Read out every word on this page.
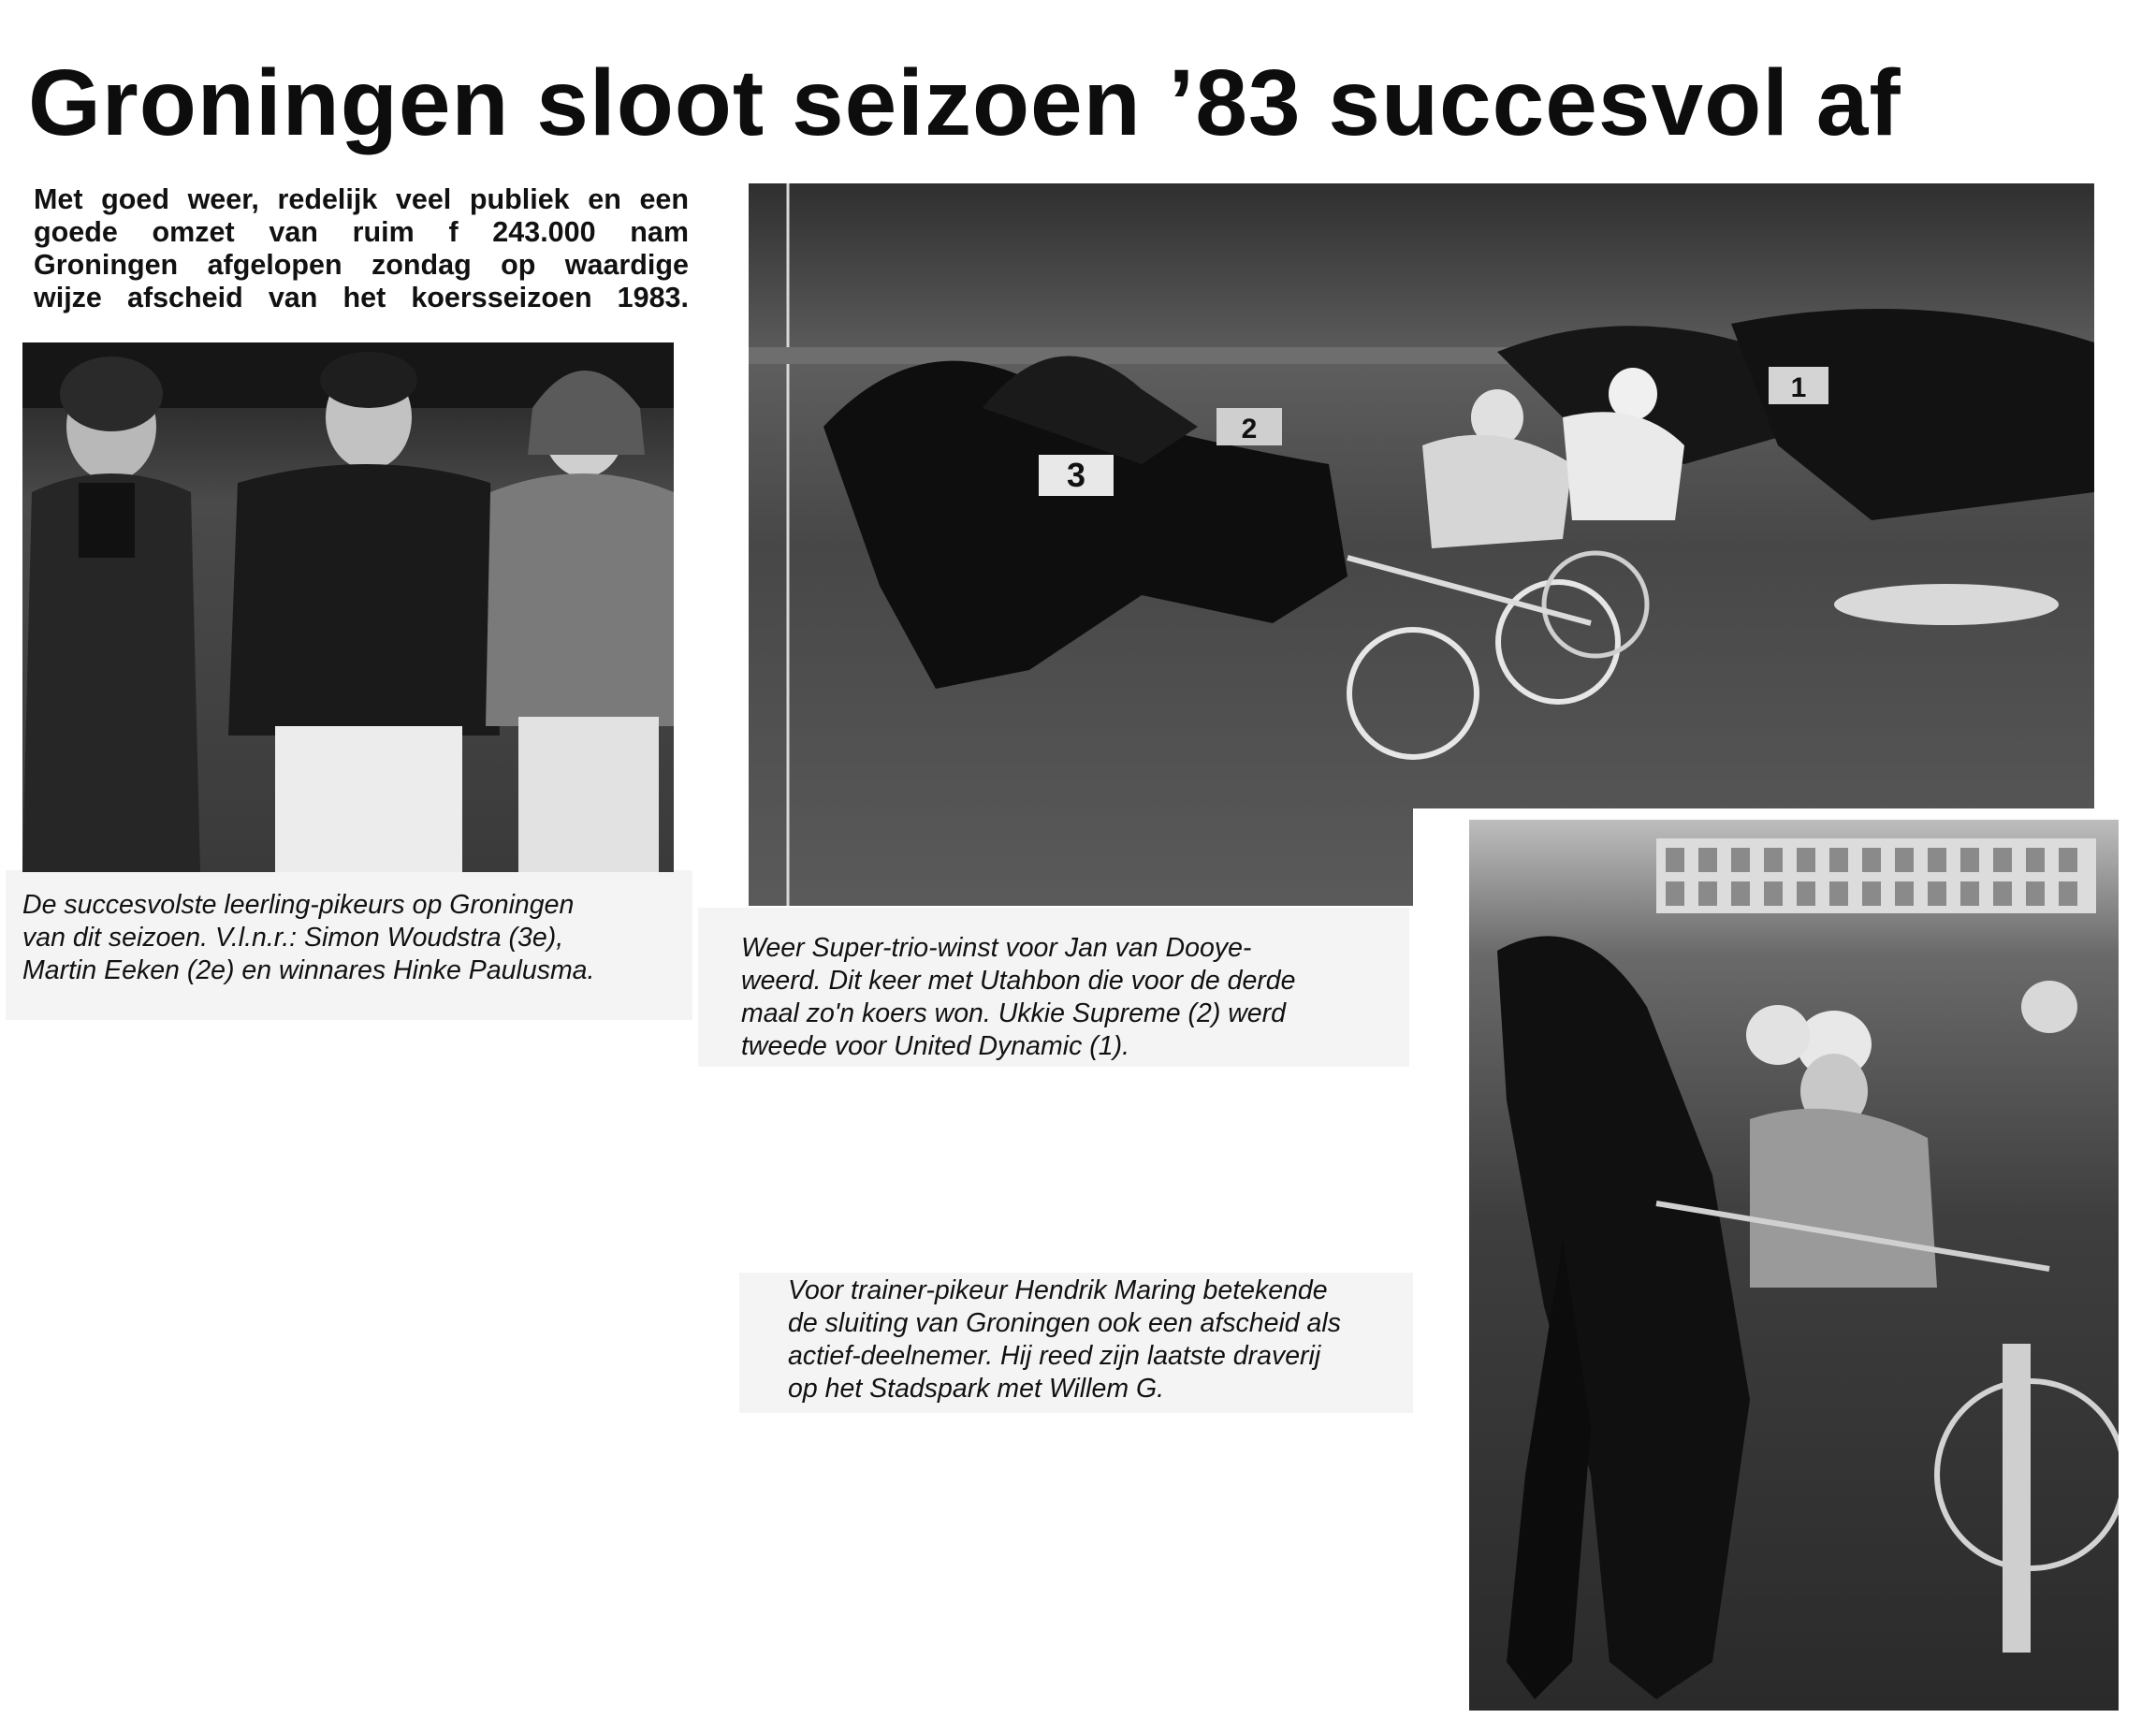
Groningen sloot seizoen ’83 succesvol af
Met goed weer, redelijk veel publiek en een
goede omzet van ruim f 243.000 nam
Groningen afgelopen zondag op waardige
wijze afscheid van het koersseizoen 1983.
De succesvolste leerling-pikeurs op Groningen
van dit seizoen. V.l.n.r.: Simon Woudstra (3e),
Martin Eeken (2e) en winnares Hinke Paulusma.
3
2
1
Weer Super-trio-winst voor Jan van Dooye-
weerd. Dit keer met Utahbon die voor de derde
maal zo'n koers won. Ukkie Supreme (2) werd
tweede voor United Dynamic (1).
Voor trainer-pikeur Hendrik Maring betekende
de sluiting van Groningen ook een afscheid als
actief-deelnemer. Hij reed zijn laatste draverij
op het Stadspark met Willem G.
